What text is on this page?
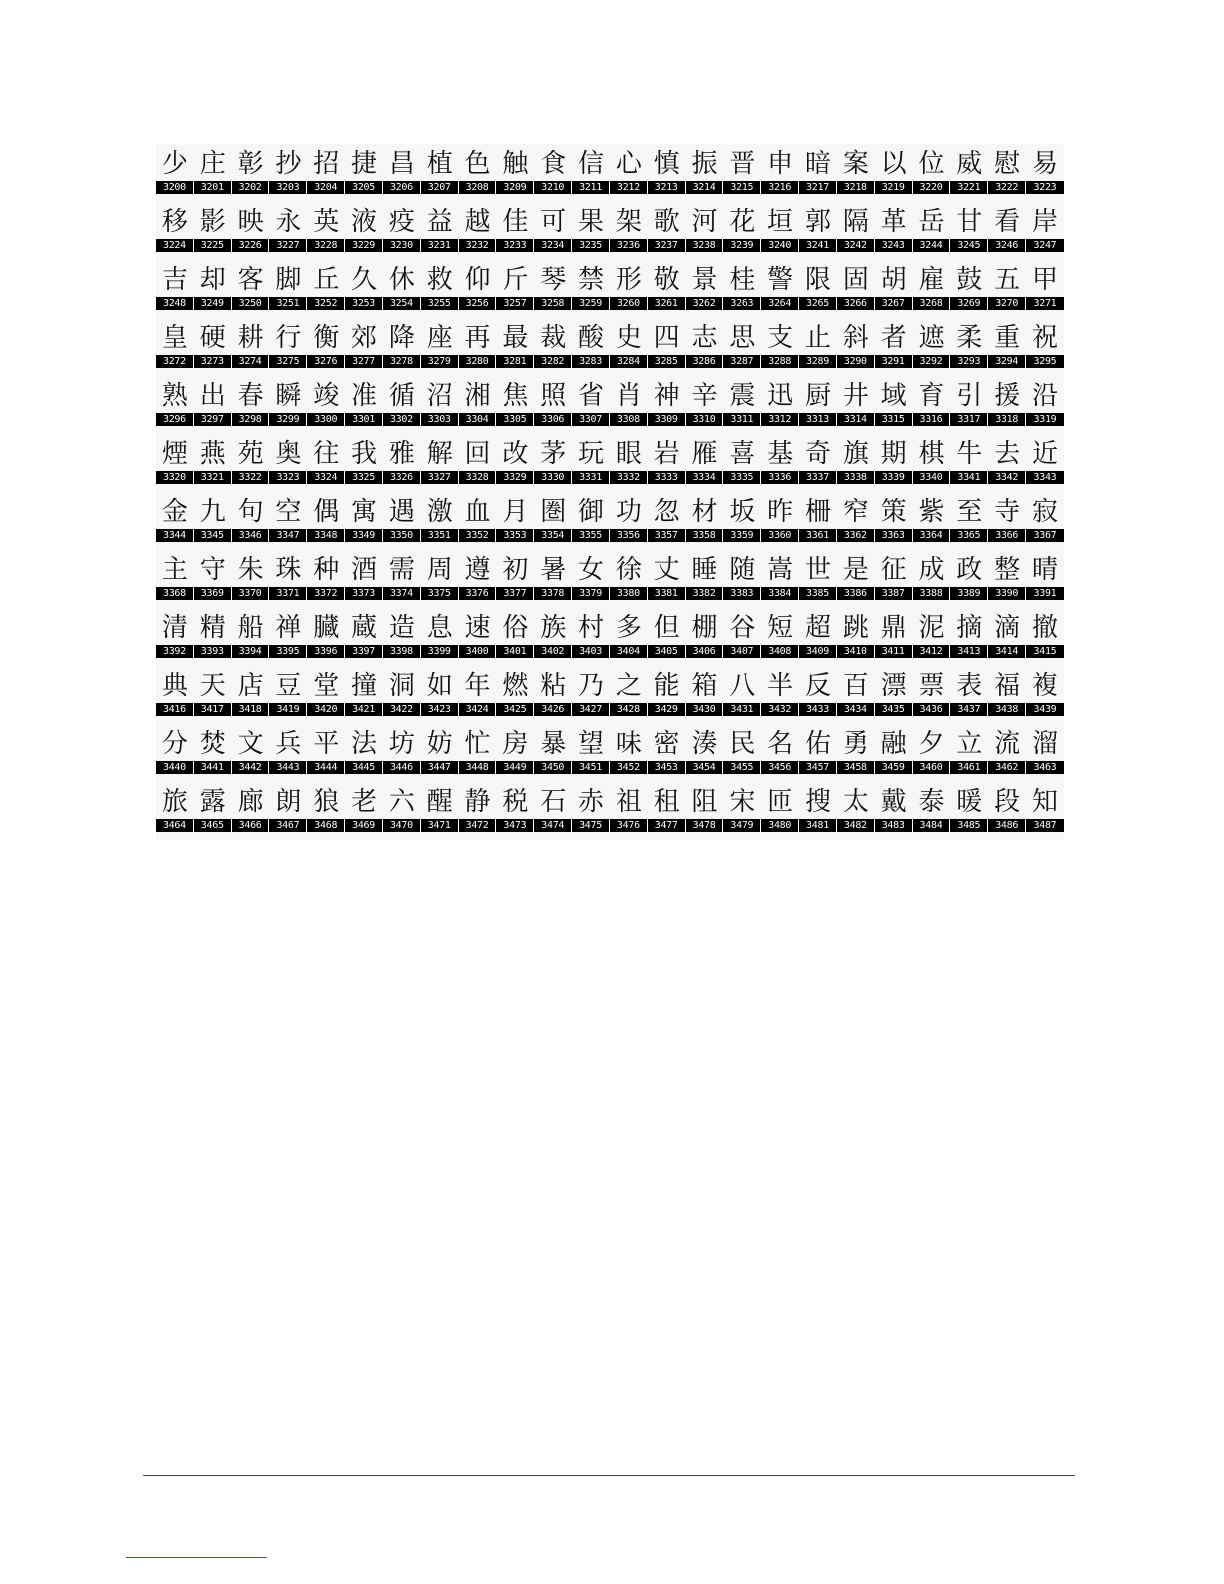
少 庄 彰 抄 招 捷 昌 植 色 触 食 信 心 慎 振 晋 申 暗 案 以 位 威 慰 易
3200	3201	3202	3203	3204	3205	3206	3207	3208	3209	3210	3211	3212	3213	3214	3215	3216	3217	3218	3219	3220	3221	3222	3223
移 影 映 永 英 液 疫 益 越 佳 可 果 架 歌 河 花 垣 郭 隔 革 岳 甘 看 岸
3224	3225	3226	3227	3228	3229	3230	3231	3232	3233	3234	3235	3236	3237	3238	3239	3240	3241	3242	3243	3244	3245	3246	3247
吉 却 客 脚 丘 久 休 救 仰 斤 琴 禁 形 敬 景 桂 警 限 固 胡 雇 鼓 五 甲
3248	3249	3250	3251	3252	3253	3254	3255	3256	3257	3258	3259	3260	3261	3262	3263	3264	3265	3266	3267	3268	3269	3270	3271
皇 硬 耕 行 衡 郊 降 座 再 最 裁 酸 史 四 志 思 支 止 斜 者 遮 柔 重 祝
3272	3273	3274	3275	3276	3277	3278	3279	3280	3281	3282	3283	3284	3285	3286	3287	3288	3289	3290	3291	3292	3293	3294	3295
熟 出 春 瞬 竣 准 循 沼 湘 焦 照 省 肖 神 辛 震 迅 厨 井 域 育 引 援 沿
3296	3297	3298	3299	3300	3301	3302	3303	3304	3305	3306	3307	3308	3309	3310	3311	3312	3313	3314	3315	3316	3317	3318	3319
煙 燕 苑 奥 往 我 雅 解 回 改 茅 玩 眼 岩 雁 喜 基 奇 旗 期 棋 牛 去 近
3320	3321	3322	3323	3324	3325	3326	3327	3328	3329	3330	3331	3332	3333	3334	3335	3336	3337	3338	3339	3340	3341	3342	3343
金 九 句 空 偶 寓 遇 激 血 月 圏 御 功 忽 材 坂 昨 柵 窄 策 紫 至 寺 寂
3344	3345	3346	3347	3348	3349	3350	3351	3352	3353	3354	3355	3356	3357	3358	3359	3360	3361	3362	3363	3364	3365	3366	3367
主 守 朱 珠 种 酒 需 周 遵 初 暑 女 徐 丈 睡 随 嵩 世 是 征 成 政 整 晴
3368	3369	3370	3371	3372	3373	3374	3375	3376	3377	3378	3379	3380	3381	3382	3383	3384	3385	3386	3387	3388	3389	3390	3391
清 精 船 禅 臓 蔵 造 息 速 俗 族 村 多 但 棚 谷 短 超 跳 鼎 泥 摘 滴 撤
3392	3393	3394	3395	3396	3397	3398	3399	3400	3401	3402	3403	3404	3405	3406	3407	3408	3409	3410	3411	3412	3413	3414	3415
典 天 店 豆 堂 撞 洞 如 年 燃 粘 乃 之 能 箱 八 半 反 百 漂 票 表 福 複
3416	3417	3418	3419	3420	3421	3422	3423	3424	3425	3426	3427	3428	3429	3430	3431	3432	3433	3434	3435	3436	3437	3438	3439
分 焚 文 兵 平 法 坊 妨 忙 房 暴 望 味 密 湊 民 名 佑 勇 融 夕 立 流 溜
3440	3441	3442	3443	3444	3445	3446	3447	3448	3449	3450	3451	3452	3453	3454	3455	3456	3457	3458	3459	3460	3461	3462	3463
旅 露 廊 朗 狼 老 六 醒 静 税 石 赤 祖 租 阻 宋 匝 搜 太 戴 泰 暖 段 知
3464	3465	3466	3467	3468	3469	3470	3471	3472	3473	3474	3475	3476	3477	3478	3479	3480	3481	3482	3483	3484	3485	3486	3487
